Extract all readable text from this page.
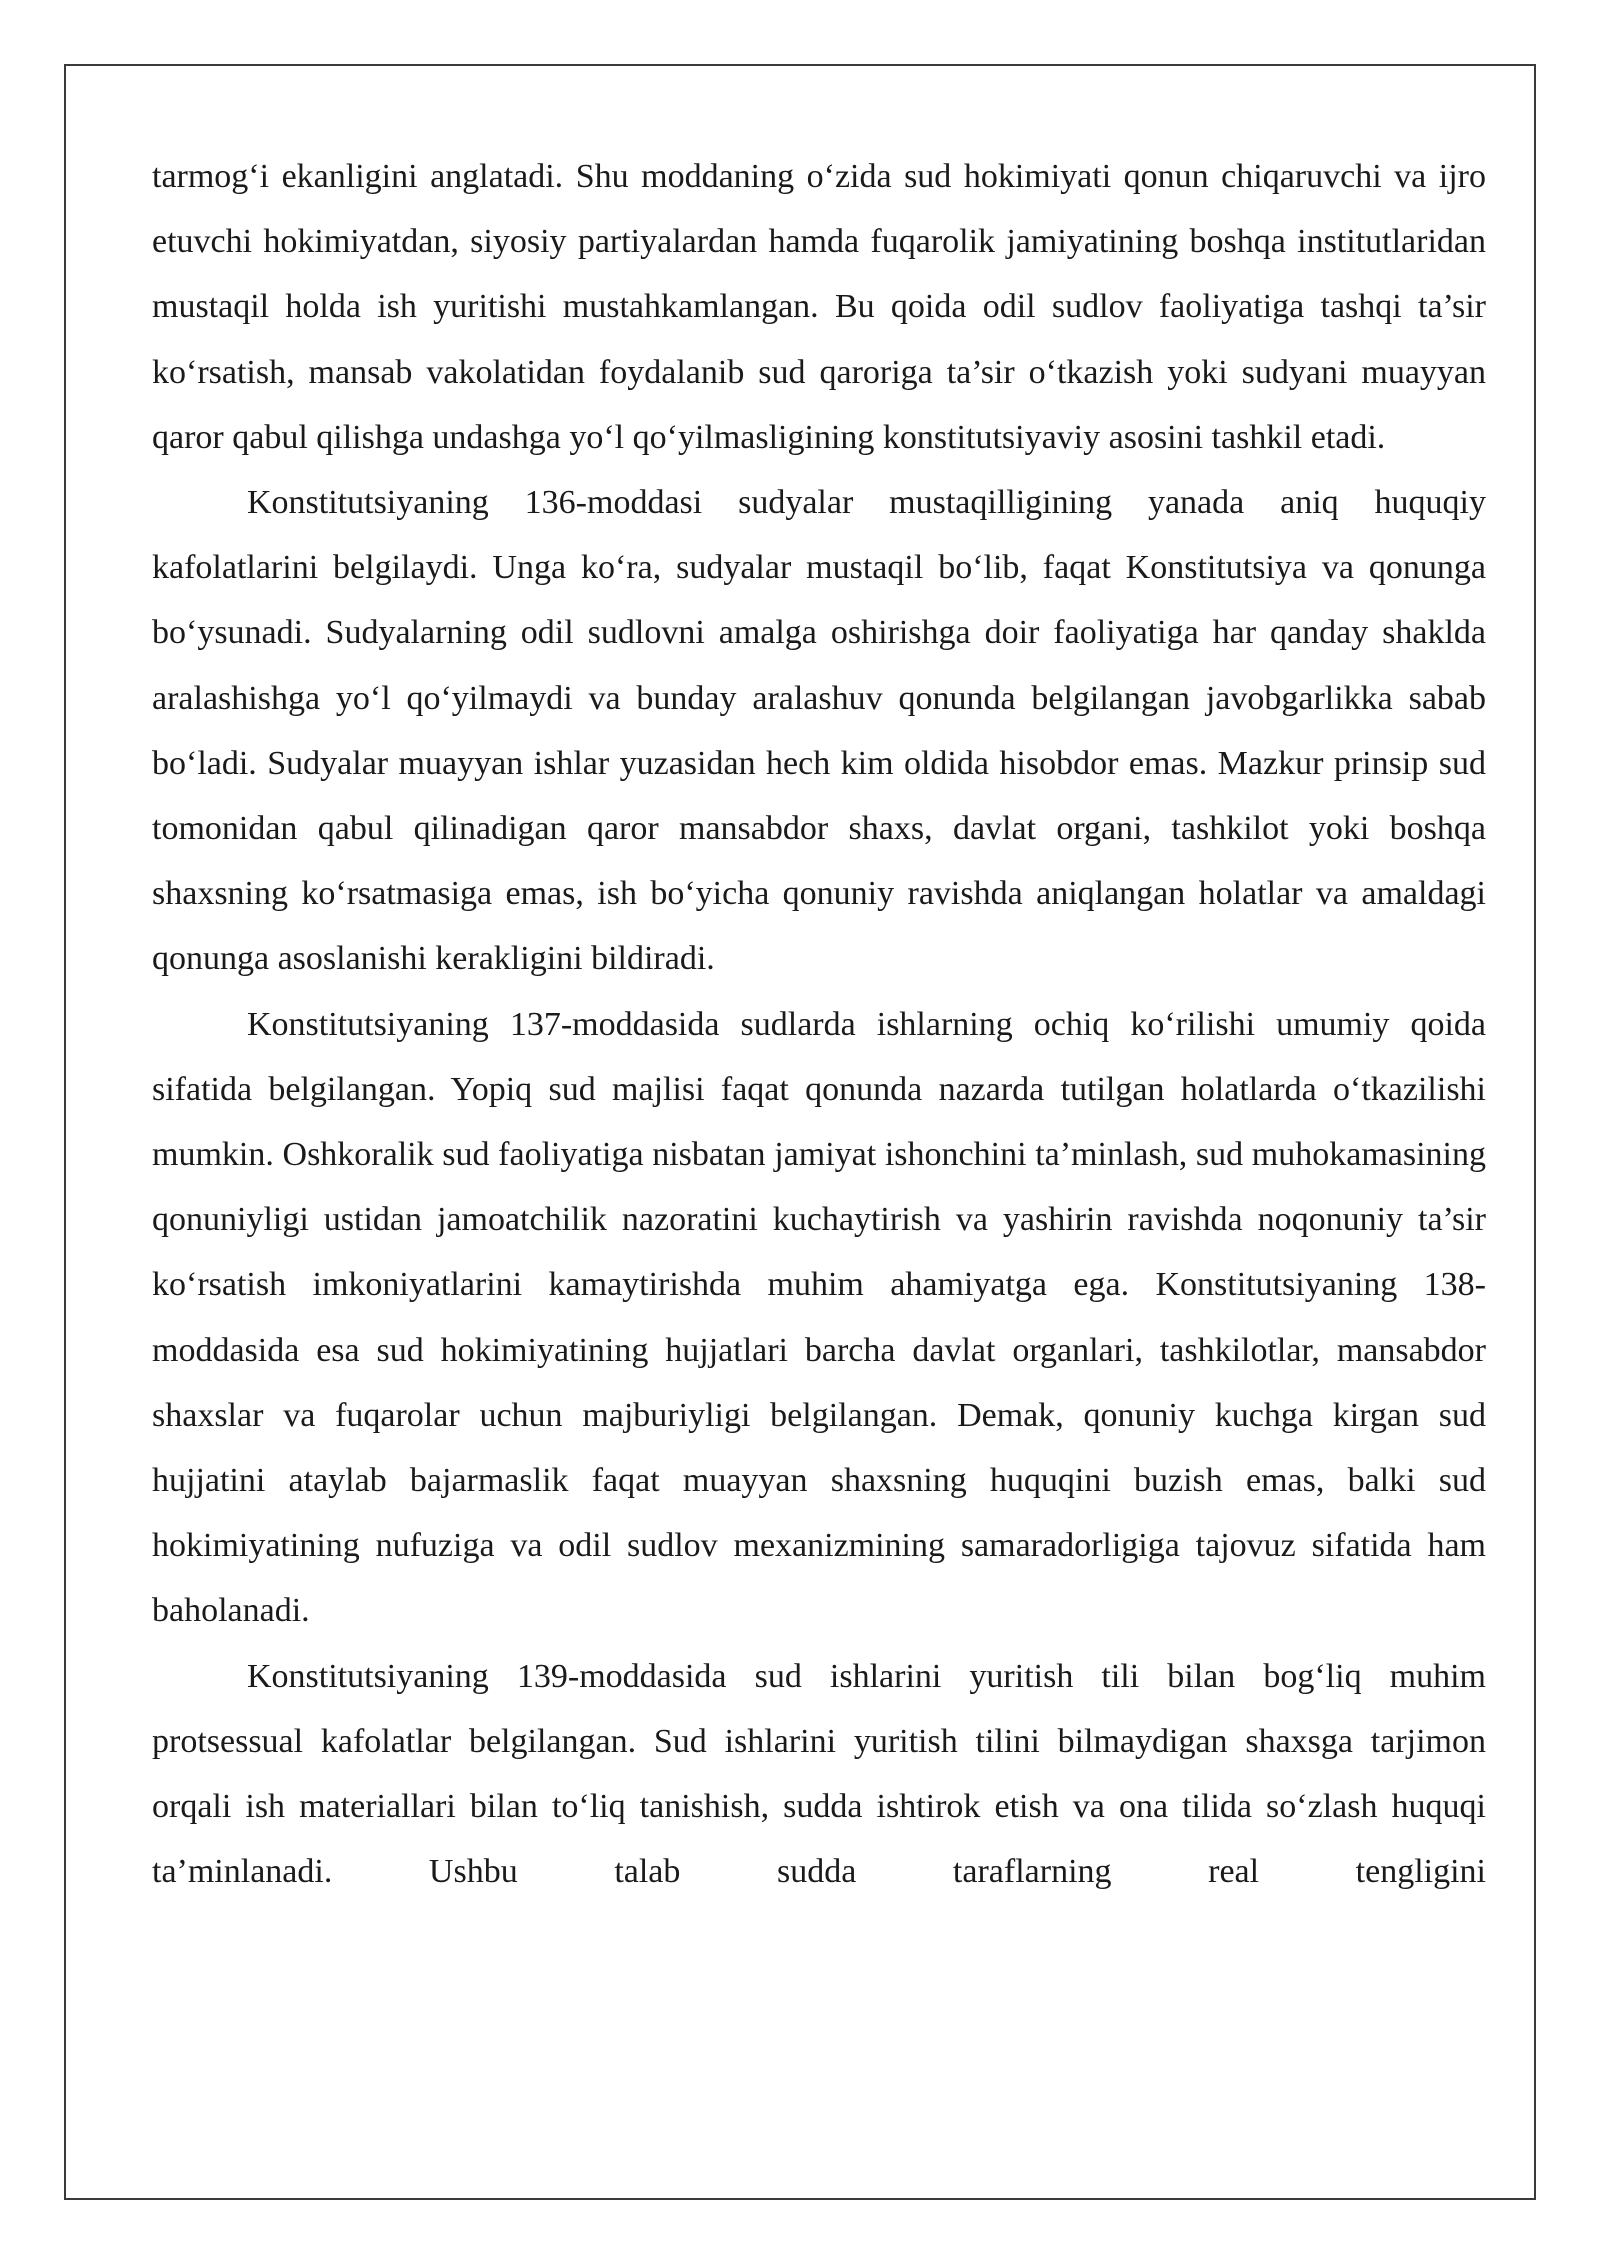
tarmog‘i ekanligini anglatadi. Shu moddaning o‘zida sud hokimiyati qonun chiqaruvchi va ijro etuvchi hokimiyatdan, siyosiy partiyalardan hamda fuqarolik jamiyatining boshqa institutlaridan mustaqil holda ish yuritishi mustahkamlangan. Bu qoida odil sudlov faoliyatiga tashqi ta’sir ko‘rsatish, mansab vakolatidan foydalanib sud qaroriga ta’sir o‘tkazish yoki sudyani muayyan qaror qabul qilishga undashga yo‘l qo‘yilmasligining konstitutsiyaviy asosini tashkil etadi.

Konstitutsiyaning 136-moddasi sudyalar mustaqilligining yanada aniq huquqiy kafolatlarini belgilaydi. Unga ko‘ra, sudyalar mustaqil bo‘lib, faqat Konstitutsiya va qonunga bo‘ysunadi. Sudyalarning odil sudlovni amalga oshirishga doir faoliyatiga har qanday shaklda aralashishga yo‘l qo‘yilmaydi va bunday aralashuv qonunda belgilangan javobgarlikka sabab bo‘ladi. Sudyalar muayyan ishlar yuzasidan hech kim oldida hisobdor emas. Mazkur prinsip sud tomonidan qabul qilinadigan qaror mansabdor shaxs, davlat organi, tashkilot yoki boshqa shaxsning ko‘rsatmasiga emas, ish bo‘yicha qonuniy ravishda aniqlangan holatlar va amaldagi qonunga asoslanishi kerakligini bildiradi.

Konstitutsiyaning 137-moddasida sudlarda ishlarning ochiq ko‘rilishi umumiy qoida sifatida belgilangan. Yopiq sud majlisi faqat qonunda nazarda tutilgan holatlarda o‘tkazilishi mumkin. Oshkoralik sud faoliyatiga nisbatan jamiyat ishonchini ta’minlash, sud muhokamasining qonuniyligi ustidan jamoatchilik nazoratini kuchaytirish va yashirin ravishda noqonuniy ta’sir ko‘rsatish imkoniyatlarini kamaytirishda muhim ahamiyatga ega. Konstitutsiyaning 138-moddasida esa sud hokimiyatining hujjatlari barcha davlat organlari, tashkilotlar, mansabdor shaxslar va fuqarolar uchun majburiyligi belgilangan. Demak, qonuniy kuchga kirgan sud hujjatini ataylab bajarmaslik faqat muayyan shaxsning huquqini buzish emas, balki sud hokimiyatining nufuziga va odil sudlov mexanizmining samaradorligiga tajovuz sifatida ham baholanadi.

Konstitutsiyaning 139-moddasida sud ishlarini yuritish tili bilan bog‘liq muhim protsessual kafolatlar belgilangan. Sud ishlarini yuritish tilini bilmaydigan shaxsga tarjimon orqali ish materiallari bilan to‘liq tanishish, sudda ishtirok etish va ona tilida so‘zlash huquqi ta’minlanadi. Ushbu talab sudda taraflarning real tengligini
